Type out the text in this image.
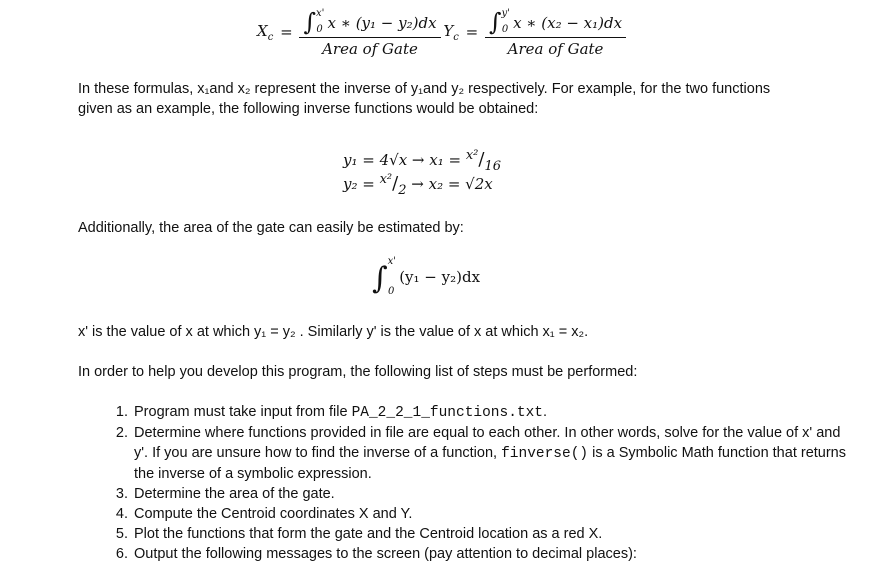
$X_c = \frac{\int^{x'}_0 x ∗ (y_1 - y_2)dx}{\text{Area of Gate}} Y_c = \frac{\int^{y'}_0 x ∗ (x_2 - x_1)dx}{\text{Area of Gate}}$
In these formulas, x₁and x₂ represent the inverse of y₁and y₂ respectively. For example, for the two functions given as an example, the following inverse functions would be obtained:
y₁ = 4√x → x₁ = x²/16
y₂ = x²/2 → x₂ = √2x
Additionally, the area of the gate can easily be estimated by:
∫$^{x'}_0$ (y₁ − y₂)dx
x' is the value of x at which y₁ = y₂ . Similarly y' is the value of x at which x₁ = x₂.
In order to help you develop this program, the following list of steps must be performed:
1. Program must take input from file PA_2_2_1_functions.txt.
2. Determine where functions provided in file are equal to each other. In other words, solve for the value of x' and y'. If you are unsure how to find the inverse of a function, finverse() is a Symbolic Math function that returns the inverse of a symbolic expression.
3. Determine the area of the gate.
4. Compute the Centroid coordinates X and Y.
5. Plot the functions that form the gate and the Centroid location as a red X.
6. Output the following messages to the screen (pay attention to decimal places):
